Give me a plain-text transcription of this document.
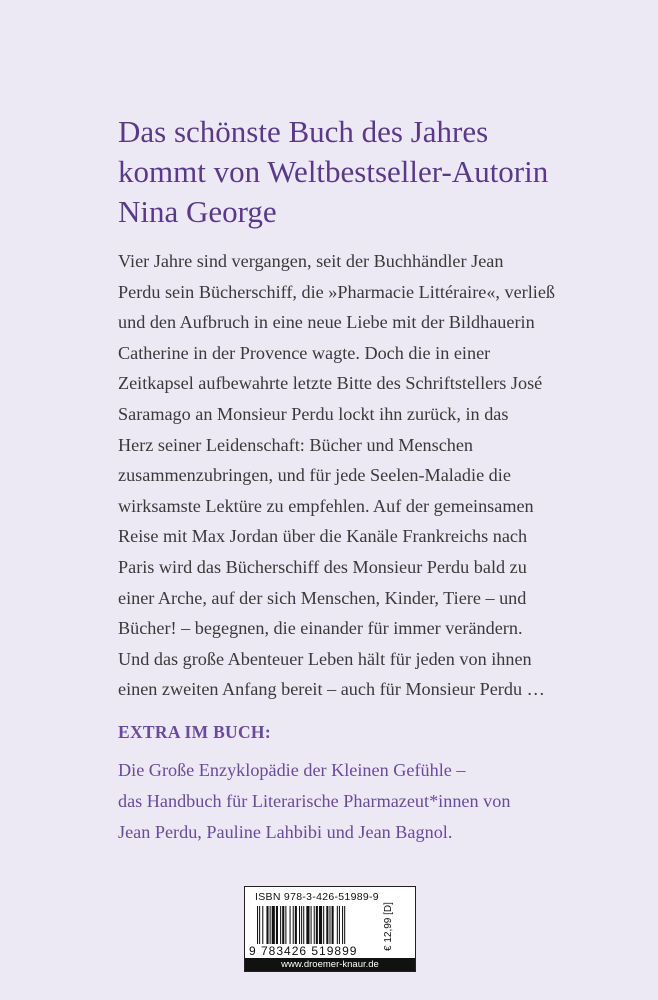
Das schönste Buch des Jahres
kommt von Weltbestseller-Autorin
Nina George
Vier Jahre sind vergangen, seit der Buchhändler Jean
Perdu sein Bücherschiff, die »Pharmacie Littéraire«, verließ
und den Aufbruch in eine neue Liebe mit der Bildhauerin
Catherine in der Provence wagte. Doch die in einer
Zeitkapsel aufbewahrte letzte Bitte des Schriftstellers José
Saramago an Monsieur Perdu lockt ihn zurück, in das
Herz seiner Leidenschaft: Bücher und Menschen
zusammenzubringen, und für jede Seelen-Maladie die
wirksamste Lektüre zu empfehlen. Auf der gemeinsamen
Reise mit Max Jordan über die Kanäle Frankreichs nach
Paris wird das Bücherschiff des Monsieur Perdu bald zu
einer Arche, auf der sich Menschen, Kinder, Tiere – und
Bücher! – begegnen, die einander für immer verändern.
Und das große Abenteuer Leben hält für jeden von ihnen
einen zweiten Anfang bereit – auch für Monsieur Perdu …
EXTRA IM BUCH:
Die Große Enzyklopädie der Kleinen Gefühle –
das Handbuch für Literarische Pharmazeut*innen von
Jean Perdu, Pauline Lahbibi und Jean Bagnol.
ISBN 978-3-426-51989-9
9 783426 519899	€ 12,99 [D]
www.droemer-knaur.de
